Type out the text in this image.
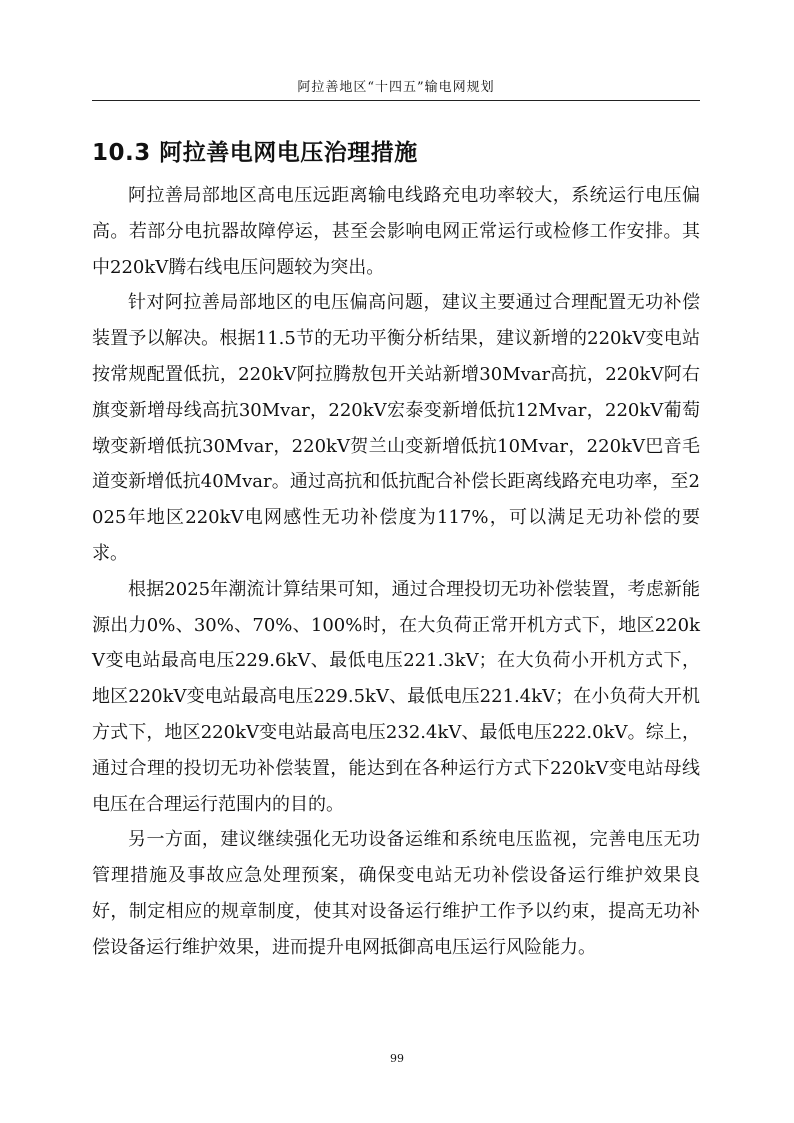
阿拉善地区“十四五”输电网规划
10.3 阿拉善电网电压治理措施

阿拉善局部地区高电压远距离输电线路充电功率较大，系统运行电压偏高。若部分电抗器故障停运，甚至会影响电网正常运行或检修工作安排。其中220kV腾右线电压问题较为突出。

针对阿拉善局部地区的电压偏高问题，建议主要通过合理配置无功补偿装置予以解决。根据11.5节的无功平衡分析结果，建议新增的220kV变电站按常规配置低抗，220kV阿拉腾敖包开关站新增30Mvar高抗，220kV阿右旗变新增母线高抗30Mvar，220kV宏泰变新增低抗12Mvar，220kV葡萄墩变新增低抗30Mvar，220kV贺兰山变新增低抗10Mvar，220kV巴音毛道变新增低抗40Mvar。通过高抗和低抗配合补偿长距离线路充电功率，至2025年地区220kV电网感性无功补偿度为117%，可以满足无功补偿的要求。

根据2025年潮流计算结果可知，通过合理投切无功补偿装置，考虑新能源出力0%、30%、70%、100%时，在大负荷正常开机方式下，地区220kV变电站最高电压229.6kV、最低电压221.3kV；在大负荷小开机方式下，地区220kV变电站最高电压229.5kV、最低电压221.4kV；在小负荷大开机方式下，地区220kV变电站最高电压232.4kV、最低电压222.0kV。综上，通过合理的投切无功补偿装置，能达到在各种运行方式下220kV变电站母线电压在合理运行范围内的目的。

另一方面，建议继续强化无功设备运维和系统电压监视，完善电压无功管理措施及事故应急处理预案，确保变电站无功补偿设备运行维护效果良好，制定相应的规章制度，使其对设备运行维护工作予以约束，提高无功补偿设备运行维护效果，进而提升电网抵御高电压运行风险能力。

99
